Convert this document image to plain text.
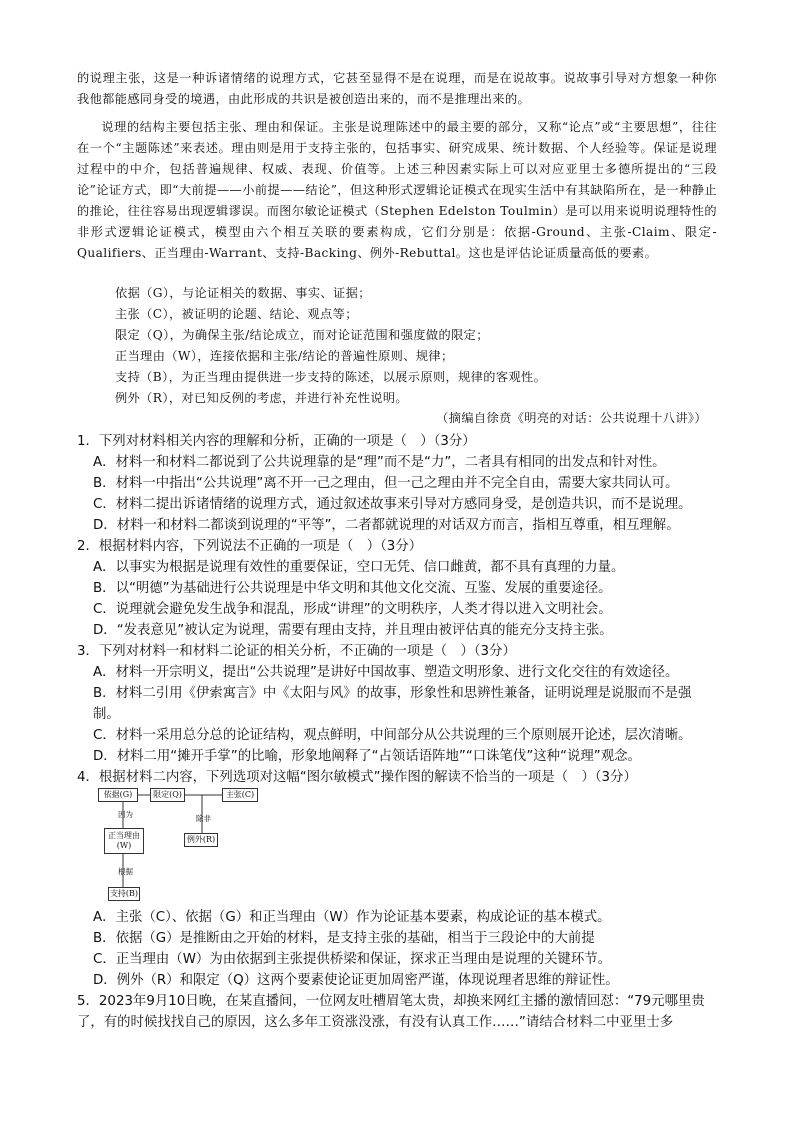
的说理主张，这是一种诉诸情绪的说理方式，它甚至显得不是在说理，而是在说故事。说故事引导对方想象一种你我他都能感同身受的境遇，由此形成的共识是被创造出来的，而不是推理出来的。
说理的结构主要包括主张、理由和保证。主张是说理陈述中的最主要的部分，又称“论点”或“主要思想”，往往在一个“主题陈述”来表述。理由则是用于支持主张的，包括事实、研究成果、统计数据、个人经验等。保证是说理过程中的中介，包括普遍规律、权威、表现、价值等。上述三种因素实际上可以对应亚里士多德所提出的“三段论”论证方式，即“大前提——小前提——结论”，但这种形式逻辑论证模式在现实生活中有其缺陷所在，是一种静止的推论，往往容易出现逻辑谬误。而图尔敏论证模式（Stephen Edelston Toulmin）是可以用来说明说理特性的非形式逻辑论证模式，模型由六个相互关联的要素构成，它们分别是：依据-Ground、主张-Claim、限定-Qualifiers、正当理由-Warrant、支持-Backing、例外-Rebuttal。这也是评估论证质量高低的要素。
依据（G），与论证相关的数据、事实、证据；
主张（C），被证明的论题、结论、观点等；
限定（Q），为确保主张/结论成立，而对论证范围和强度做的限定；
正当理由（W），连接依据和主张/结论的普遍性原则、规律；
支持（B），为正当理由提供进一步支持的陈述，以展示原则，规律的客观性。
例外（R），对已知反例的考虑，并进行补充性说明。
（摘编自徐贲《明亮的对话：公共说理十八讲》）
1．下列对材料相关内容的理解和分析，正确的一项是（　）（3分）
A．材料一和材料二都说到了公共说理靠的是“理”而不是“力”，二者具有相同的出发点和针对性。
B．材料一中指出“公共说理”离不开一己之理由，但一己之理由并不完全自由，需要大家共同认可。
C．材料二提出诉诸情绪的说理方式，通过叙述故事来引导对方感同身受，是创造共识，而不是说理。
D．材料一和材料二都谈到说理的“平等”，二者都就说理的对话双方而言，指相互尊重，相互理解。
2．根据材料内容，下列说法不正确的一项是（　）（3分）
A．以事实为根据是说理有效性的重要保证，空口无凭、信口雌黄，都不具有真理的力量。
B．以“明德”为基础进行公共说理是中华文明和其他文化交流、互鉴、发展的重要途径。
C．说理就会避免发生战争和混乱，形成“讲理”的文明秩序，人类才得以进入文明社会。
D．“发表意见”被认定为说理，需要有理由支持，并且理由被评估真的能充分支持主张。
3．下列对材料一和材料二论证的相关分析，不正确的一项是（　）（3分）
A．材料一开宗明义，提出“公共说理”是讲好中国故事、塑造文明形象、进行文化交往的有效途径。
B．材料二引用《伊索寓言》中《太阳与风》的故事，形象性和思辨性兼备，证明说理是说服而不是强
制。
C．材料一采用总分总的论证结构，观点鲜明，中间部分从公共说理的三个原则展开论述，层次清晰。
D．材料二用“摊开手掌”的比喻，形象地阐释了“占领话语阵地”“口诛笔伐”这种“说理”观念。
4．根据材料二内容，下列选项对这幅“图尔敏模式”操作图的解读不恰当的一项是（　）（3分）
依据(G)	限定(Q)	主张(C)
因为	除非
正当理由
(W)
例外(R)
根据
支持(B)
A．主张（C）、依据（G）和正当理由（W）作为论证基本要素，构成论证的基本模式。
B．依据（G）是推断由之开始的材料，是支持主张的基础，相当于三段论中的大前提
C．正当理由（W）为由依据到主张提供桥梁和保证，探求正当理由是说理的关键环节。
D．例外（R）和限定（Q）这两个要素使论证更加周密严谨，体现说理者思维的辩证性。
5．2023年9月10日晚，在某直播间，一位网友吐槽眉笔太贵，却换来网红主播的激情回怼：“79元哪里贵了，有的时候找找自己的原因，这么多年工资涨没涨，有没有认真工作……”请结合材料二中亚里士多
